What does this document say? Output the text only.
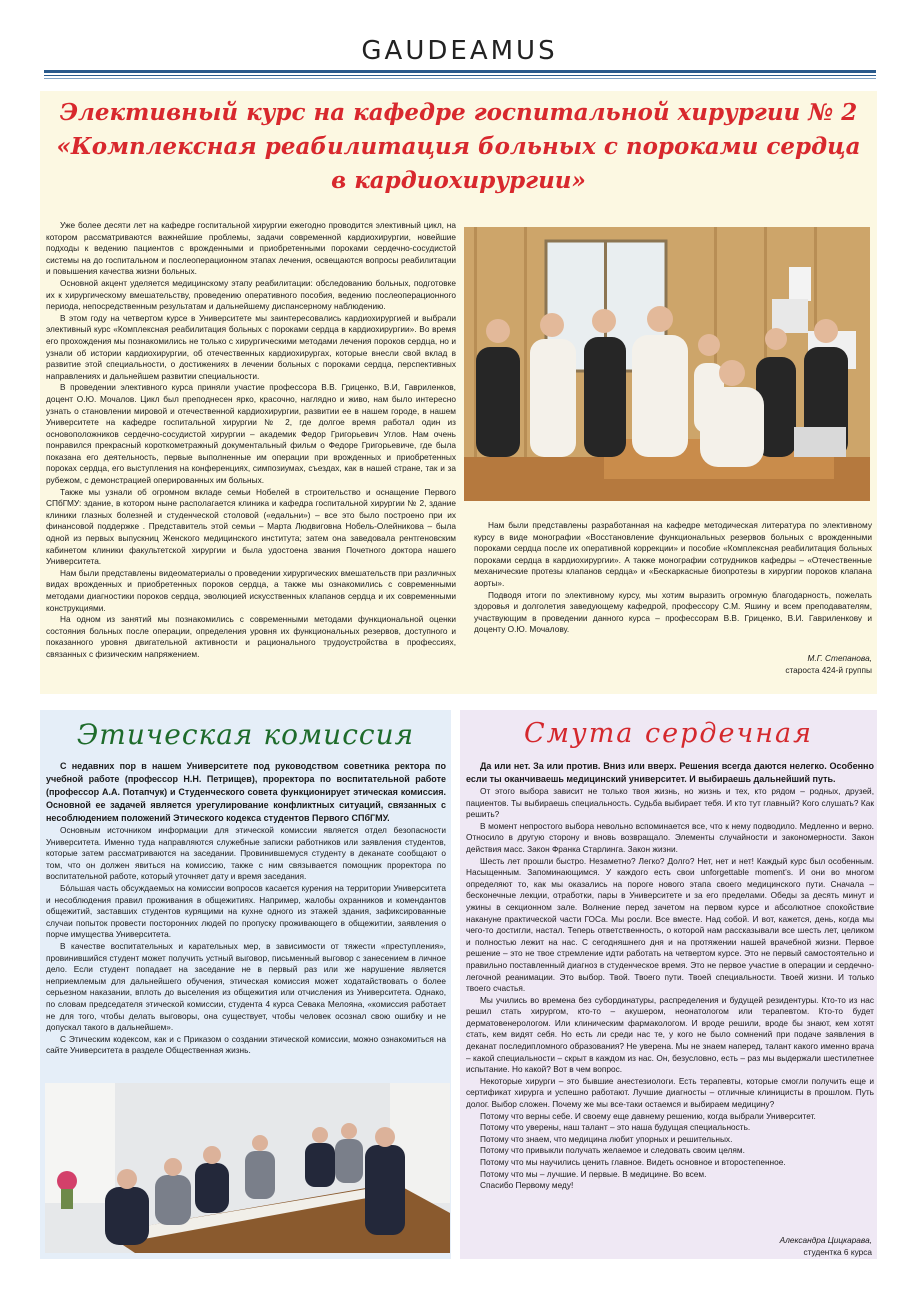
GAUDEAMUS
Элективный курс на кафедре госпитальной хирургии № 2
«Комплексная реабилитация больных с пороками сердца
в кардиохирургии»

Уже более десяти лет на кафедре госпитальной хирургии ежегодно проводится элективный цикл, на котором рассматриваются важнейшие проблемы, задачи современной кардиохирургии, новейшие подходы к ведению пациентов с врожденными и приобретенными пороками сердечно-сосудистой системы на до госпитальном и послеоперационном этапах лечения, освещаются вопросы реабилитации и повышения качества жизни больных.

Основной акцент уделяется медицинскому этапу реабилитации: обследованию больных, подготовке их к хирургическому вмешательству, проведению оперативного пособия, ведению послеоперационного периода, непосредственным результатам и дальнейшему диспансерному наблюдению.

В этом году на четвертом курсе в Университете мы заинтересовались кардиохирургией и выбрали элективный курс «Комплексная реабилитация больных с пороками сердца в кардиохирургии». Во время его прохождения мы познакомились не только с хирургическими методами лечения пороков сердца, но и узнали об истории кардиохирургии, об отечественных кардиохирургах, которые внесли свой вклад в развитие этой специальности, о достижениях в лечении больных с пороками сердца, перспективных направлениях и дальнейшем развитии специальности.

В проведении элективного курса приняли участие профессора В.В. Гриценко, В.И, Гавриленков, доцент О.Ю. Мочалов. Цикл был преподнесен ярко, красочно, наглядно и живо, нам было интересно узнать о становлении мировой и отечественной кардиохирургии, развитии ее в нашем городе, в нашем Университете на кафедре госпитальной хирургии № 2, где долгое время работал один из основоположников сердечно-сосудистой хирургии – академик Федор Григорьевич Углов. Нам очень понравился прекрасный короткометражный документальный фильм о Федоре Григорьевиче, где была показана его деятельность, первые выполненные им операции при врожденных и приобретенных пороках сердца, его выступления на конференциях, симпозиумах, съездах, как в нашей стране, так и за рубежом, с демонстрацией оперированных им больных.

Также мы узнали об огромном вкладе семьи Нобелей в строительство и оснащение Первого СПбГМУ: здание, в котором ныне располагается клиника и кафедра госпитальной хирургии № 2, здание клиники глазных болезней и студенческой столовой («едальни») – все это было построено при их финансовой поддержке . Представитель этой семьи – Марта Людвиговна Нобель-Олейникова – была одной из первых выпускниц Женского медицинского института; затем она заведовала рентгеновским кабинетом клиники факультетской хирургии и была удостоена звания Почетного доктора нашего Университета.

Нам были представлены видеоматериалы о проведении хирургических вмешательств при различных видах врожденных и приобретенных пороков сердца, а также мы ознакомились с современными методами диагностики пороков сердца, эволюцией искусственных клапанов сердца и их современными конструкциями.

На одном из занятий мы познакомились с современными методами функциональной оценки состояния больных после операции, определения уровня их функциональных резервов, доступного и показанного уровня двигательной активности и рационального трудоустройства в профессиях, связанных с физическим напряжением.

Нам были представлены разработанная на кафедре методическая литература по элективному курсу в виде монографии «Восстановление функциональных резервов больных с врожденными пороками сердца после их оперативной коррекции» и пособие «Комплексная реабилитация больных пороками сердца в кардиохирургии». А также монографии сотрудников кафедры – «Отечественные механические протезы клапанов сердца» и «Бескаркасные биопротезы в хирургии пороков клапана аорты».

Подводя итоги по элективному курсу, мы хотим выразить огромную благодарность, пожелать здоровья и долголетия заведующему кафедрой, профессору С.М. Яшину и всем преподавателям, участвующим в проведении данного курса – профессорам В.В. Гриценко, В.И. Гавриленкову и доценту О.Ю. Мочалову.

М.Г. Степанова,
староста 424-й группы
Этическая комиссия

С недавних пор в нашем Университете под руководством советника ректора по учебной работе (профессор Н.Н. Петрищев), проректора по воспитательной работе (профессор А.А. Потапчук) и Студенческого совета функционирует этическая комиссия. Основной ее задачей является урегулирование конфликтных ситуаций, связанных с несоблюдением положений Этического кодекса студентов Первого СПбГМУ.

Основным источником информации для этической комиссии является отдел безопасности Университета. Именно туда направляются служебные записки работников или заявления студентов, которые затем рассматриваются на заседании. Провинившемуся студенту в деканате сообщают о том, что он должен явиться на комиссию, также с ним связывается помощник проректора по воспитательной работе, который уточняет дату и время заседания.

Бо́льшая часть обсуждаемых на комиссии вопросов касается курения на территории Университета и несоблюдения правил проживания в общежитиях. Например, жалобы охранников и комендантов общежитий, заставших студентов курящими на кухне одного из этажей здания, зафиксированные случаи попыток провести посторонних людей по пропуску проживающего в общежитии, заявления о порче имущества Университета.

В качестве воспитательных и карательных мер, в зависимости от тяжести «преступления», провинившийся студент может получить устный выговор, письменный выговор с занесением в личное дело. Если студент попадает на заседание не в первый раз или же нарушение является неприемлемым для дальнейшего обучения, этическая комиссия может ходатайствовать о более серьезном наказании, вплоть до выселения из общежития или отчисления из Университета. Однако, по словам председателя этической комиссии, студента 4 курса Севака Мелояна, «комиссия работает не для того, чтобы делать выговоры, она существует, чтобы человек осознал свою ошибку и не допускал такого в дальнейшем».

С Этическим кодексом, как и с Приказом о создании этической комиссии, можно ознакомиться на сайте Университета в разделе Общественная жизнь.

Смута сердечная

Да или нет. За или против. Вниз или вверх. Решения всегда даются нелегко. Особенно если ты оканчиваешь медицинский университет. И выбираешь дальнейший путь.

От этого выбора зависит не только твоя жизнь, но жизнь и тех, кто рядом – родных, друзей, пациентов. Ты выбираешь специальность. Судьба выбирает тебя. И кто тут главный? Кого слушать? Как решить?

В момент непростого выбора невольно вспоминается все, что к нему подводило. Медленно и верно. Относило в другую сторону и вновь возвращало. Элементы случайности и закономерности. Закон действия масс. Закон Франка Старлинга. Закон жизни.

Шесть лет прошли быстро. Незаметно? Легко? Долго? Нет, нет и нет! Каждый курс был особенным. Насыщенным. Запоминающимся. У каждого есть свои unforgettable moment’s. И они во многом определяют то, как мы оказались на пороге нового этапа своего медицинского пути. Сначала – бесконечные лекции, отработки, пары в Университете и за его пределами. Обеды за десять минут и ужины в секционном зале. Волнение перед зачетом на первом курсе и абсолютное спокойствие накануне практической части ГОСа. Мы росли. Все вместе. Над собой. И вот, кажется, день, когда мы чего-то достигли, настал. Теперь ответственность, о которой нам рассказывали все шесть лет, целиком и полностью лежит на нас. С сегодняшнего дня и на протяжении нашей врачебной жизни. Первое решение – это не твое стремление идти работать на четвертом курсе. Это не первый самостоятельно и правильно поставленный диагноз в студенческое время. Это не первое участие в операции и сердечно-легочной реанимации. Это выбор. Твой. Твоего пути. Твоей специальности. Твоей жизни. И только твоего счастья.

Мы учились во времена без субординатуры, распределения и будущей резидентуры. Кто-то из нас решил стать хирургом, кто-то – акушером, неонатологом или терапевтом. Кто-то будет дерматовенерологом. Или клиническим фармакологом. И вроде решили, вроде бы знают, кем хотят стать, кем видят себя. Но есть ли среди нас те, у кого не было сомнений при подаче заявления в деканат последипломного образования? Не уверена. Мы не знаем наперед, талант какого именно врача – какой специальности – скрыт в каждом из нас. Он, безусловно, есть – раз мы выдержали шестилетнее испытание. Но какой? Вот в чем вопрос.

Некоторые хирурги – это бывшие анестезиологи. Есть терапевты, которые смогли получить еще и сертификат хирурга и успешно работают. Лучшие диагносты – отличные клиницисты в прошлом. Путь долог. Выбор сложен. Почему же мы все-таки остаемся и выбираем медицину?

Потому что верны себе. И своему еще давнему решению, когда выбрали Университет.

Потому что уверены, наш талант – это наша будущая специальность.

Потому что знаем, что медицина любит упорных и решительных.

Потому что привыкли получать желаемое и следовать своим целям.

Потому что мы научились ценить главное. Видеть основное и второстепенное.

Потому что мы – лучшие. И первые. В медицине. Во всем.

Спасибо Первому меду!

Александра Цицкарава,
студентка 6 курса
